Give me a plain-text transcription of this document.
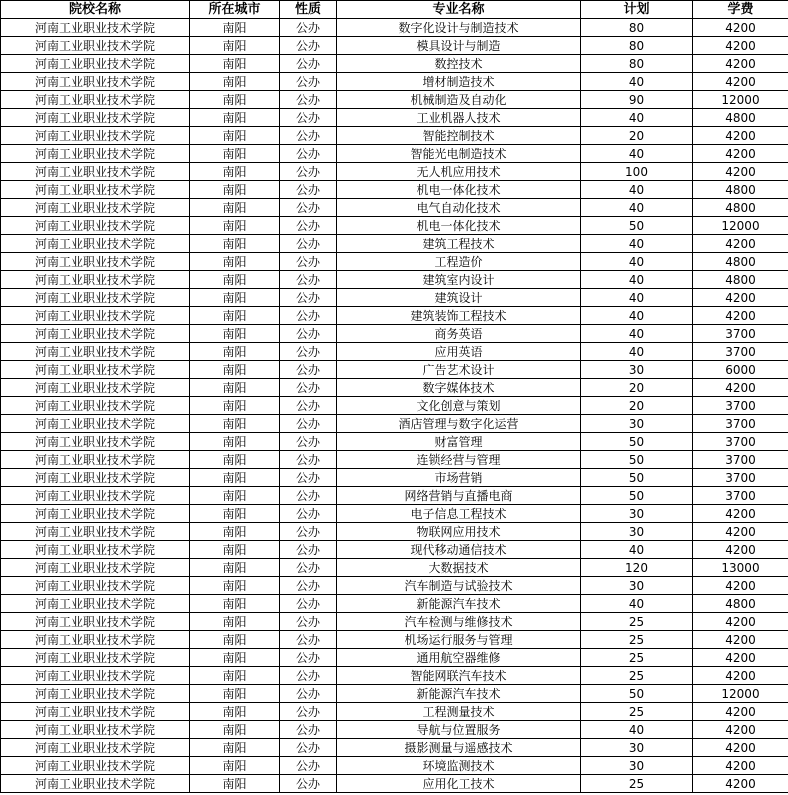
院校名称	所在城市	性质	专业名称	计划	学费
河南工业职业技术学院	南阳	公办	数字化设计与制造技术	80	4200
河南工业职业技术学院	南阳	公办	模具设计与制造	80	4200
河南工业职业技术学院	南阳	公办	数控技术	80	4200
河南工业职业技术学院	南阳	公办	增材制造技术	40	4200
河南工业职业技术学院	南阳	公办	机械制造及自动化	90	12000
河南工业职业技术学院	南阳	公办	工业机器人技术	40	4800
河南工业职业技术学院	南阳	公办	智能控制技术	20	4200
河南工业职业技术学院	南阳	公办	智能光电制造技术	40	4200
河南工业职业技术学院	南阳	公办	无人机应用技术	100	4200
河南工业职业技术学院	南阳	公办	机电一体化技术	40	4800
河南工业职业技术学院	南阳	公办	电气自动化技术	40	4800
河南工业职业技术学院	南阳	公办	机电一体化技术	50	12000
河南工业职业技术学院	南阳	公办	建筑工程技术	40	4200
河南工业职业技术学院	南阳	公办	工程造价	40	4800
河南工业职业技术学院	南阳	公办	建筑室内设计	40	4800
河南工业职业技术学院	南阳	公办	建筑设计	40	4200
河南工业职业技术学院	南阳	公办	建筑装饰工程技术	40	4200
河南工业职业技术学院	南阳	公办	商务英语	40	3700
河南工业职业技术学院	南阳	公办	应用英语	40	3700
河南工业职业技术学院	南阳	公办	广告艺术设计	30	6000
河南工业职业技术学院	南阳	公办	数字媒体技术	20	4200
河南工业职业技术学院	南阳	公办	文化创意与策划	20	3700
河南工业职业技术学院	南阳	公办	酒店管理与数字化运营	30	3700
河南工业职业技术学院	南阳	公办	财富管理	50	3700
河南工业职业技术学院	南阳	公办	连锁经营与管理	50	3700
河南工业职业技术学院	南阳	公办	市场营销	50	3700
河南工业职业技术学院	南阳	公办	网络营销与直播电商	50	3700
河南工业职业技术学院	南阳	公办	电子信息工程技术	30	4200
河南工业职业技术学院	南阳	公办	物联网应用技术	30	4200
河南工业职业技术学院	南阳	公办	现代移动通信技术	40	4200
河南工业职业技术学院	南阳	公办	大数据技术	120	13000
河南工业职业技术学院	南阳	公办	汽车制造与试验技术	30	4200
河南工业职业技术学院	南阳	公办	新能源汽车技术	40	4800
河南工业职业技术学院	南阳	公办	汽车检测与维修技术	25	4200
河南工业职业技术学院	南阳	公办	机场运行服务与管理	25	4200
河南工业职业技术学院	南阳	公办	通用航空器维修	25	4200
河南工业职业技术学院	南阳	公办	智能网联汽车技术	25	4200
河南工业职业技术学院	南阳	公办	新能源汽车技术	50	12000
河南工业职业技术学院	南阳	公办	工程测量技术	25	4200
河南工业职业技术学院	南阳	公办	导航与位置服务	40	4200
河南工业职业技术学院	南阳	公办	摄影测量与遥感技术	30	4200
河南工业职业技术学院	南阳	公办	环境监测技术	30	4200
河南工业职业技术学院	南阳	公办	应用化工技术	25	4200
